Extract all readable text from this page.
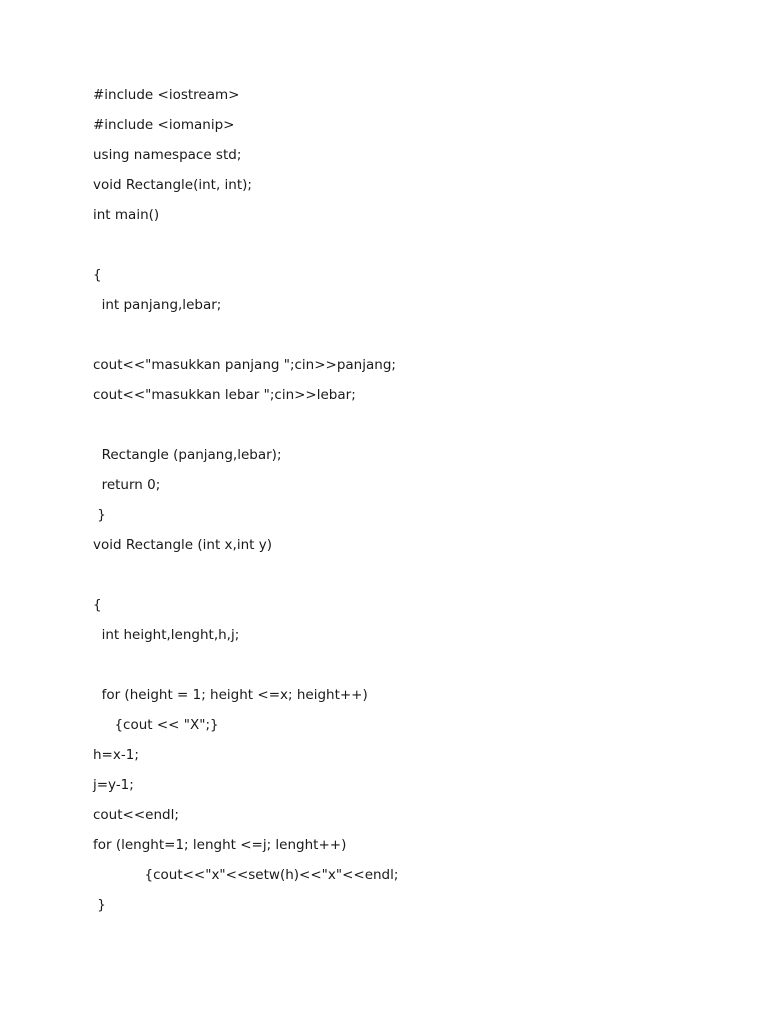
#include <iostream>
#include <iomanip>
using namespace std;
void Rectangle(int, int);
int main()
{
int panjang,lebar;
cout<<"masukkan panjang ";cin>>panjang;
cout<<"masukkan lebar ";cin>>lebar;
Rectangle (panjang,lebar);
return 0;
}
void Rectangle (int x,int y)
{
int height,lenght,h,j;
for (height = 1; height <=x; height++)
{cout << "X";}
h=x-1;
j=y-1;
cout<<endl;
for (lenght=1; lenght <=j; lenght++)
{cout<<"x"<<setw(h)<<"x"<<endl;
}
